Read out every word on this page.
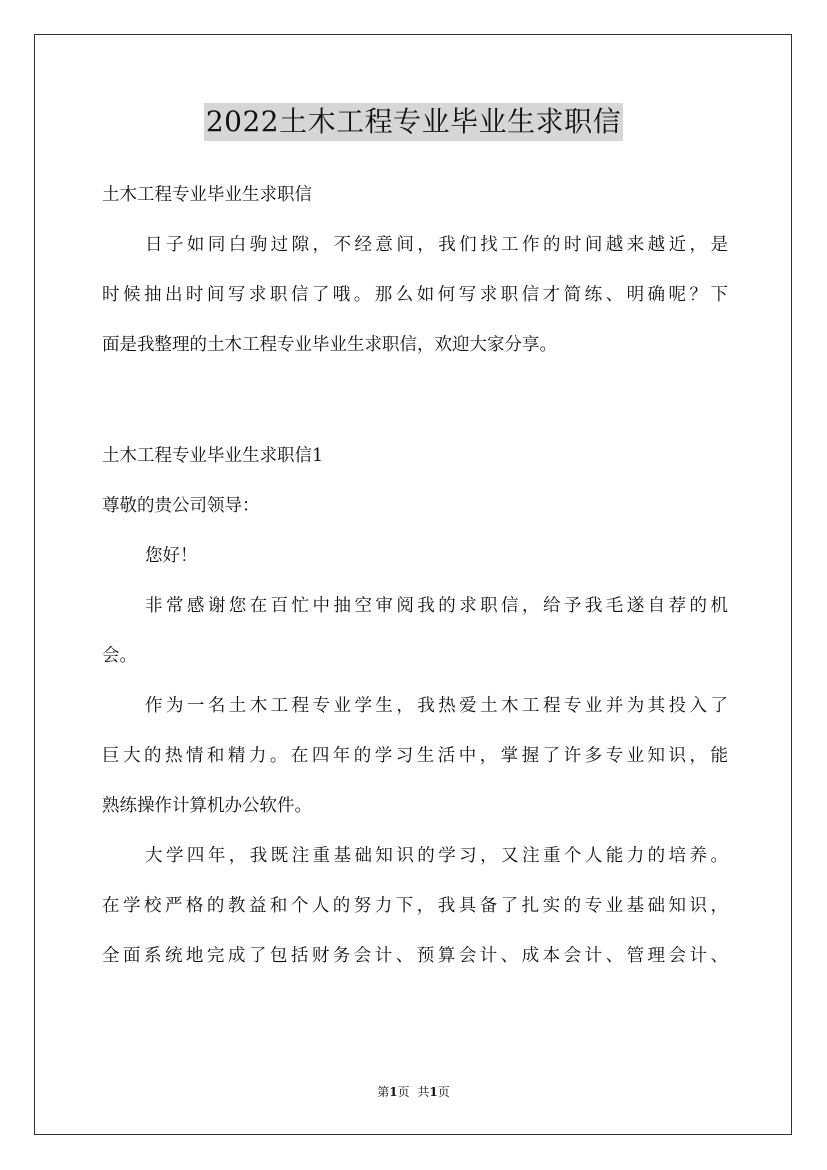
2022土木工程专业毕业生求职信
土木工程专业毕业生求职信
日子如同白驹过隙，不经意间，我们找工作的时间越来越近，是
时候抽出时间写求职信了哦。那么如何写求职信才简练、明确呢？下
面是我整理的土木工程专业毕业生求职信，欢迎大家分享。
土木工程专业毕业生求职信1
尊敬的贵公司领导：
您好！
非常感谢您在百忙中抽空审阅我的求职信，给予我毛遂自荐的机
会。
作为一名土木工程专业学生，我热爱土木工程专业并为其投入了
巨大的热情和精力。在四年的学习生活中，掌握了许多专业知识，能
熟练操作计算机办公软件。
大学四年，我既注重基础知识的学习，又注重个人能力的培养。
在学校严格的教益和个人的努力下，我具备了扎实的专业基础知识，
全面系统地完成了包括财务会计、预算会计、成本会计、管理会计、
第1页 共1页
